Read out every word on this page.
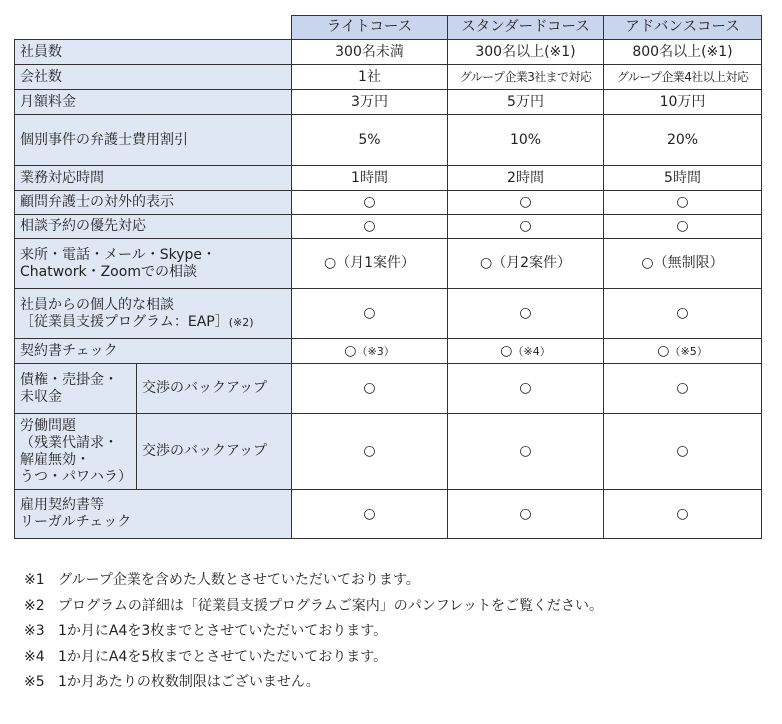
		ライトコース	スタンダードコース	アドバンスコース
社員数		300名未満	300名以上(※1)	800名以上(※1)
会社数		1社	グループ企業3社まで対応	グループ企業4社以上対応
月額料金		3万円	5万円	10万円
個別事件の弁護士費用割引		5%	10%	20%
業務対応時間		1時間	2時間	5時間
顧問弁護士の対外的表示		○	○	○
相談予約の優先対応		○	○	○

来所・電話・メール・Skype・
Chatwork・Zoomでの相談		○（月1案件）	○（月2案件）	○（無制限）

社員からの個人的な相談
［従業員支援プログラム：EAP］(※2)		○	○	○
契約書チェック		○（※3）	○（※4）	○（※5）

債権・売掛金・
未収金	交渉のバックアップ	○	○	○

労働問題
（残業代請求・
解雇無効・
うつ・パワハラ）	交渉のバックアップ	○	○	○

雇用契約書等
リーガルチェック		○	○	○
※1 グループ企業を含めた人数とさせていただいております。
※2 プログラムの詳細は「従業員支援プログラムご案内」のパンフレットをご覧ください。
※3 1か月にA4を3枚までとさせていただいております。
※4 1か月にA4を5枚までとさせていただいております。
※5 1か月あたりの枚数制限はございません。
